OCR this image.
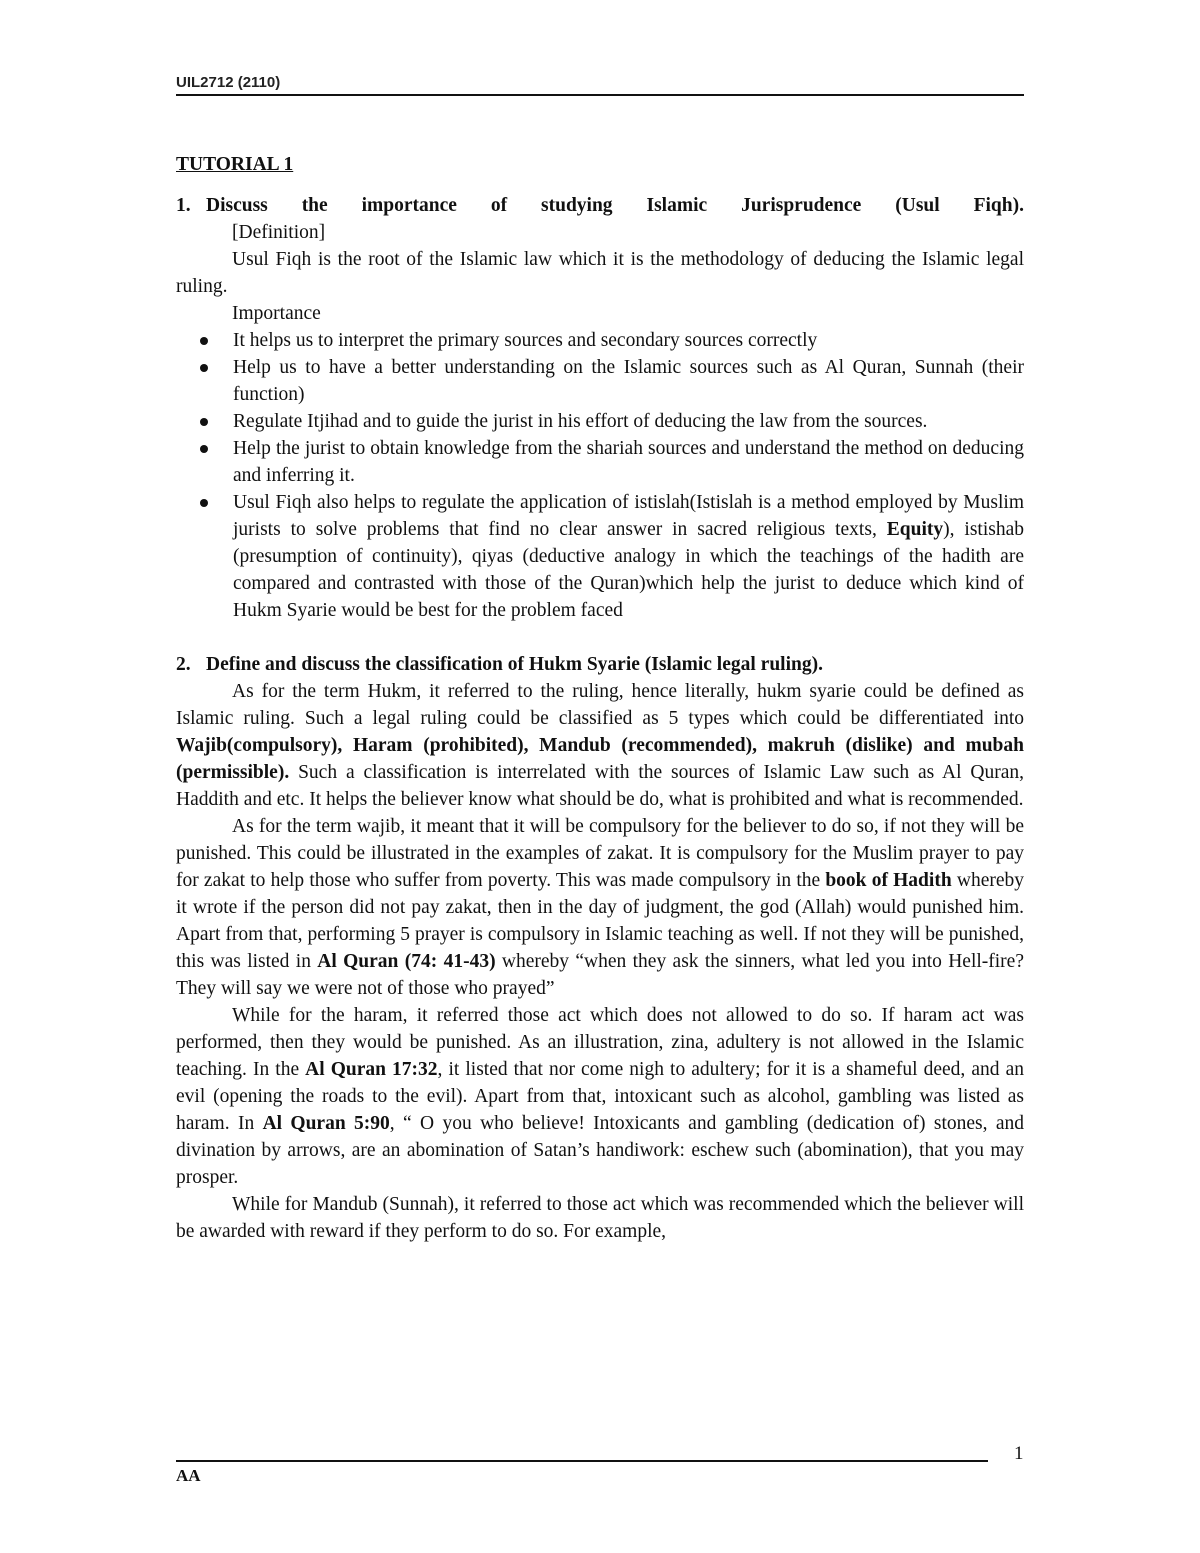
UIL2712 (2110)
TUTORIAL 1
1. Discuss the importance of studying Islamic Jurisprudence (Usul Fiqh).

[Definition]

Usul Fiqh is the root of the Islamic law which it is the methodology of deducing the Islamic legal ruling.

Importance

It helps us to interpret the primary sources and secondary sources correctly
Help us to have a better understanding on the Islamic sources such as Al Quran, Sunnah (their function)
Regulate Itjihad and to guide the jurist in his effort of deducing the law from the sources.
Help the jurist to obtain knowledge from the shariah sources and understand the method on deducing and inferring it.
Usul Fiqh also helps to regulate the application of istislah(Istislah is a method employed by Muslim jurists to solve problems that find no clear answer in sacred religious texts, Equity), istishab (presumption of continuity), qiyas (deductive analogy in which the teachings of the hadith are compared and contrasted with those of the Quran)which help the jurist to deduce which kind of Hukm Syarie would be best for the problem faced
2. Define and discuss the classification of Hukm Syarie (Islamic legal ruling).

As for the term Hukm, it referred to the ruling, hence literally, hukm syarie could be defined as Islamic ruling. Such a legal ruling could be classified as 5 types which could be differentiated into Wajib(compulsory), Haram (prohibited), Mandub (recommended), makruh (dislike) and mubah (permissible). Such a classification is interrelated with the sources of Islamic Law such as Al Quran, Haddith and etc. It helps the believer know what should be do, what is prohibited and what is recommended.

As for the term wajib, it meant that it will be compulsory for the believer to do so, if not they will be punished. This could be illustrated in the examples of zakat. It is compulsory for the Muslim prayer to pay for zakat to help those who suffer from poverty. This was made compulsory in the book of Hadith whereby it wrote if the person did not pay zakat, then in the day of judgment, the god (Allah) would punished him. Apart from that, performing 5 prayer is compulsory in Islamic teaching as well. If not they will be punished, this was listed in Al Quran (74: 41-43) whereby “when they ask the sinners, what led you into Hell-fire? They will say we were not of those who prayed”

While for the haram, it referred those act which does not allowed to do so. If haram act was performed, then they would be punished. As an illustration, zina, adultery is not allowed in the Islamic teaching. In the Al Quran 17:32, it listed that nor come nigh to adultery; for it is a shameful deed, and an evil (opening the roads to the evil). Apart from that, intoxicant such as alcohol, gambling was listed as haram. In Al Quran 5:90, “ O you who believe! Intoxicants and gambling (dedication of) stones, and divination by arrows, are an abomination of Satan’s handiwork: eschew such (abomination), that you may prosper.

While for Mandub (Sunnah), it referred to those act which was recommended which the believer will be awarded with reward if they perform to do so. For example,

1
AA
